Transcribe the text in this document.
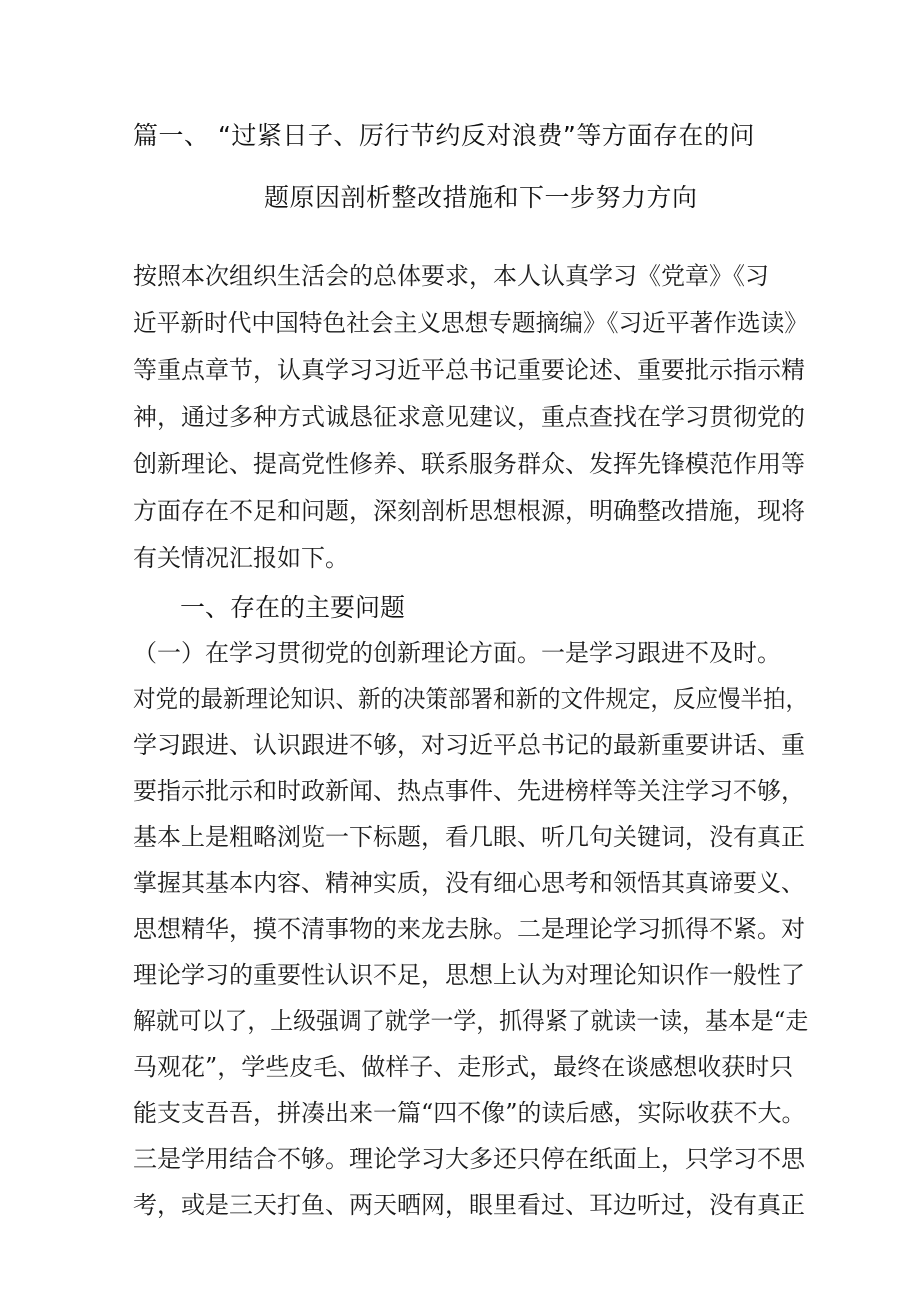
篇一、 “过紧日子、厉行节约反对浪费”等方面存在的问
题原因剖析整改措施和下一步努力方向
按照本次组织生活会的总体要求，本人认真学习《党章》《习
近平新时代中国特色社会主义思想专题摘编》《习近平著作选读》
等重点章节，认真学习习近平总书记重要论述、重要批示指示精
神，通过多种方式诚恳征求意见建议，重点查找在学习贯彻党的
创新理论、提高党性修养、联系服务群众、发挥先锋模范作用等
方面存在不足和问题，深刻剖析思想根源，明确整改措施，现将
有关情况汇报如下。
一、存在的主要问题
（一）在学习贯彻党的创新理论方面。一是学习跟进不及时。
对党的最新理论知识、新的决策部署和新的文件规定，反应慢半拍，
学习跟进、认识跟进不够，对习近平总书记的最新重要讲话、重
要指示批示和时政新闻、热点事件、先进榜样等关注学习不够，
基本上是粗略浏览一下标题，看几眼、听几句关键词，没有真正
掌握其基本内容、精神实质，没有细心思考和领悟其真谛要义、
思想精华，摸不清事物的来龙去脉。二是理论学习抓得不紧。对
理论学习的重要性认识不足，思想上认为对理论知识作一般性了
解就可以了，上级强调了就学一学，抓得紧了就读一读，基本是“走
马观花”，学些皮毛、做样子、走形式，最终在谈感想收获时只
能支支吾吾，拼凑出来一篇“四不像”的读后感，实际收获不大。
三是学用结合不够。理论学习大多还只停在纸面上，只学习不思
考，或是三天打鱼、两天晒网，眼里看过、耳边听过，没有真正
